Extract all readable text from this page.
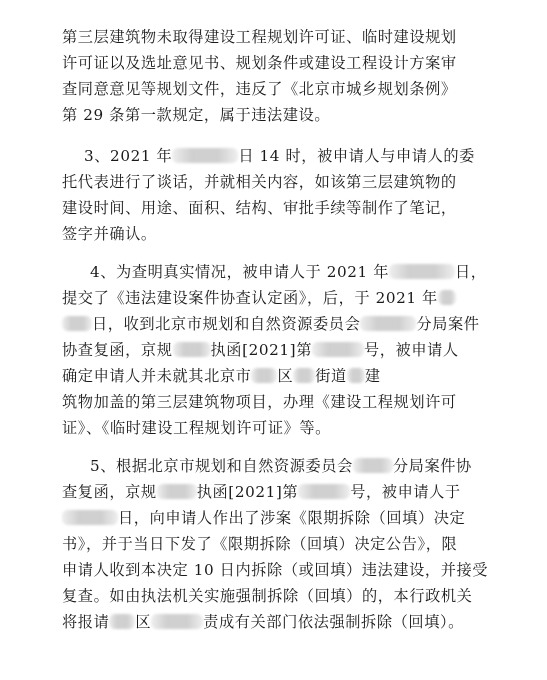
第三层建筑物未取得建设工程规划许可证、临时建设规划
许可证以及选址意见书、规划条件或建设工程设计方案审
查同意意见等规划文件，违反了《北京市城乡规划条例》
第 29 条第一款规定，属于违法建设。
3、2021 年	日 14 时，被申请人与申请人的委
托代表进行了谈话，并就相关内容，如该第三层建筑物的
建设时间、用途、面积、结构、审批手续等制作了笔记，
签字并确认。
4、为查明真实情况，被申请人于 2021 年	日，
提交了《违法建设案件协查认定函》，后，于 2021 年
日，收到北京市规划和自然资源委员会	分局案件
协查复函，京规	执函[2021]第	号，被申请人
确定申请人并未就其北京市 区 街道 建
筑物加盖的第三层建筑物项目，办理《建设工程规划许可
证》、《临时建设工程规划许可证》等。
5、根据北京市规划和自然资源委员会	分局案件协
查复函，京规	执函[2021]第	号，被申请人于
日，向申请人作出了涉案《限期拆除（回填）决定
书》，并于当日下发了《限期拆除（回填）决定公告》，限
申请人收到本决定 10 日内拆除（或回填）违法建设，并接受
复查。如由执法机关实施强制拆除（回填）的，本行政机关
将报请 区	责成有关部门依法强制拆除（回填）。
